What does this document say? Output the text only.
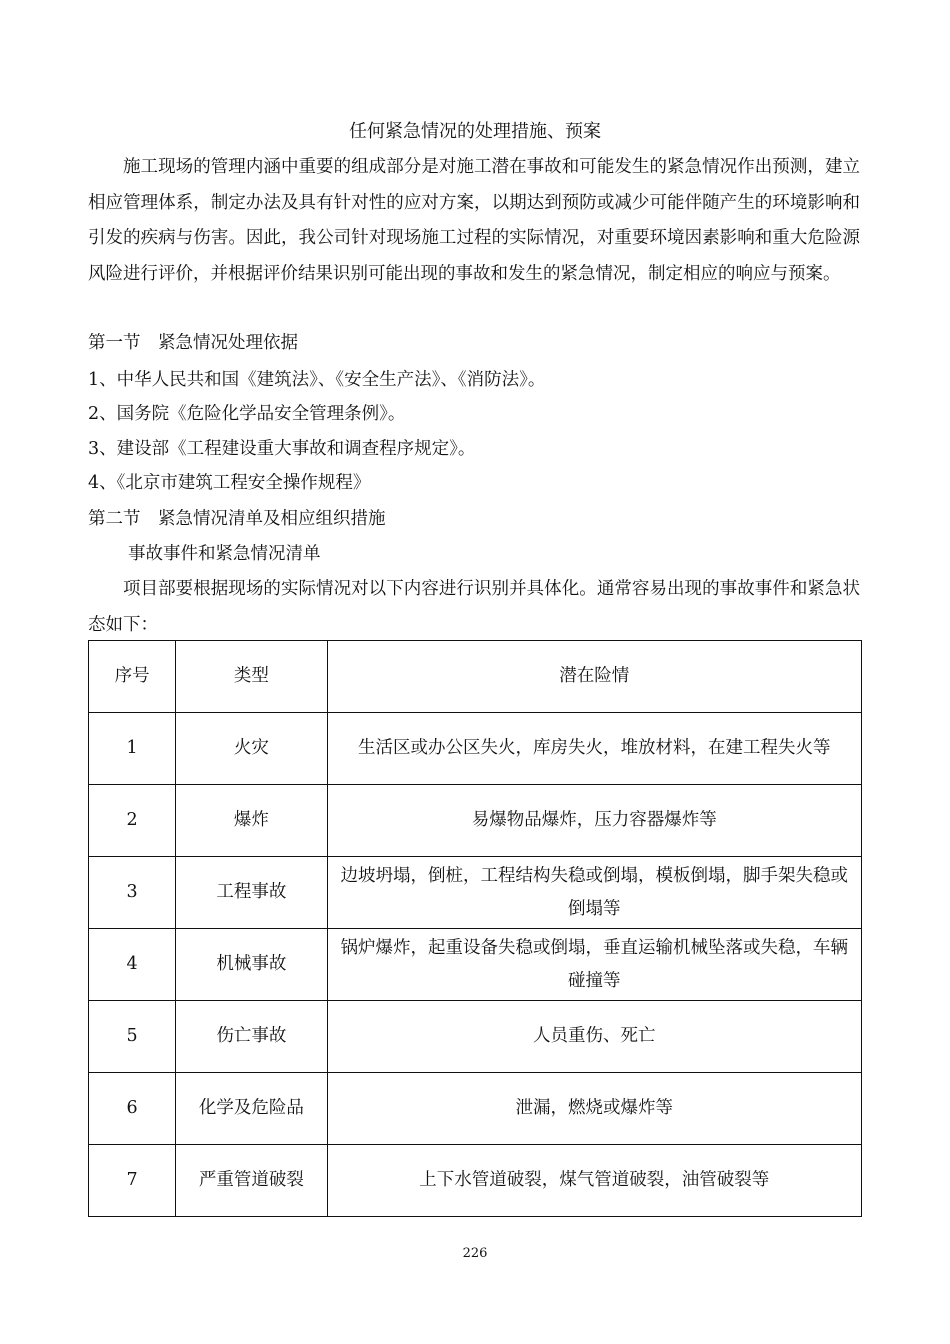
任何紧急情况的处理措施、预案
施工现场的管理内涵中重要的组成部分是对施工潜在事故和可能发生的紧急情况作出预测，建立相应管理体系，制定办法及具有针对性的应对方案，以期达到预防或减少可能伴随产生的环境影响和引发的疾病与伤害。因此，我公司针对现场施工过程的实际情况，对重要环境因素影响和重大危险源风险进行评价，并根据评价结果识别可能出现的事故和发生的紧急情况，制定相应的响应与预案。
第一节　紧急情况处理依据
1、中华人民共和国《建筑法》、《安全生产法》、《消防法》。
2、国务院《危险化学品安全管理条例》。
3、建设部《工程建设重大事故和调查程序规定》。
4、《北京市建筑工程安全操作规程》
第二节　紧急情况清单及相应组织措施
事故事件和紧急情况清单
项目部要根据现场的实际情况对以下内容进行识别并具体化。通常容易出现的事故事件和紧急状态如下：
序号	类型	潜在险情
1	火灾	生活区或办公区失火，库房失火，堆放材料，在建工程失火等
2	爆炸	易爆物品爆炸，压力容器爆炸等
3	工程事故	边坡坍塌，倒桩，工程结构失稳或倒塌，模板倒塌，脚手架失稳或倒塌等
4	机械事故	锅炉爆炸，起重设备失稳或倒塌，垂直运输机械坠落或失稳，车辆碰撞等
5	伤亡事故	人员重伤、死亡
6	化学及危险品	泄漏，燃烧或爆炸等
7	严重管道破裂	上下水管道破裂，煤气管道破裂，油管破裂等
226
